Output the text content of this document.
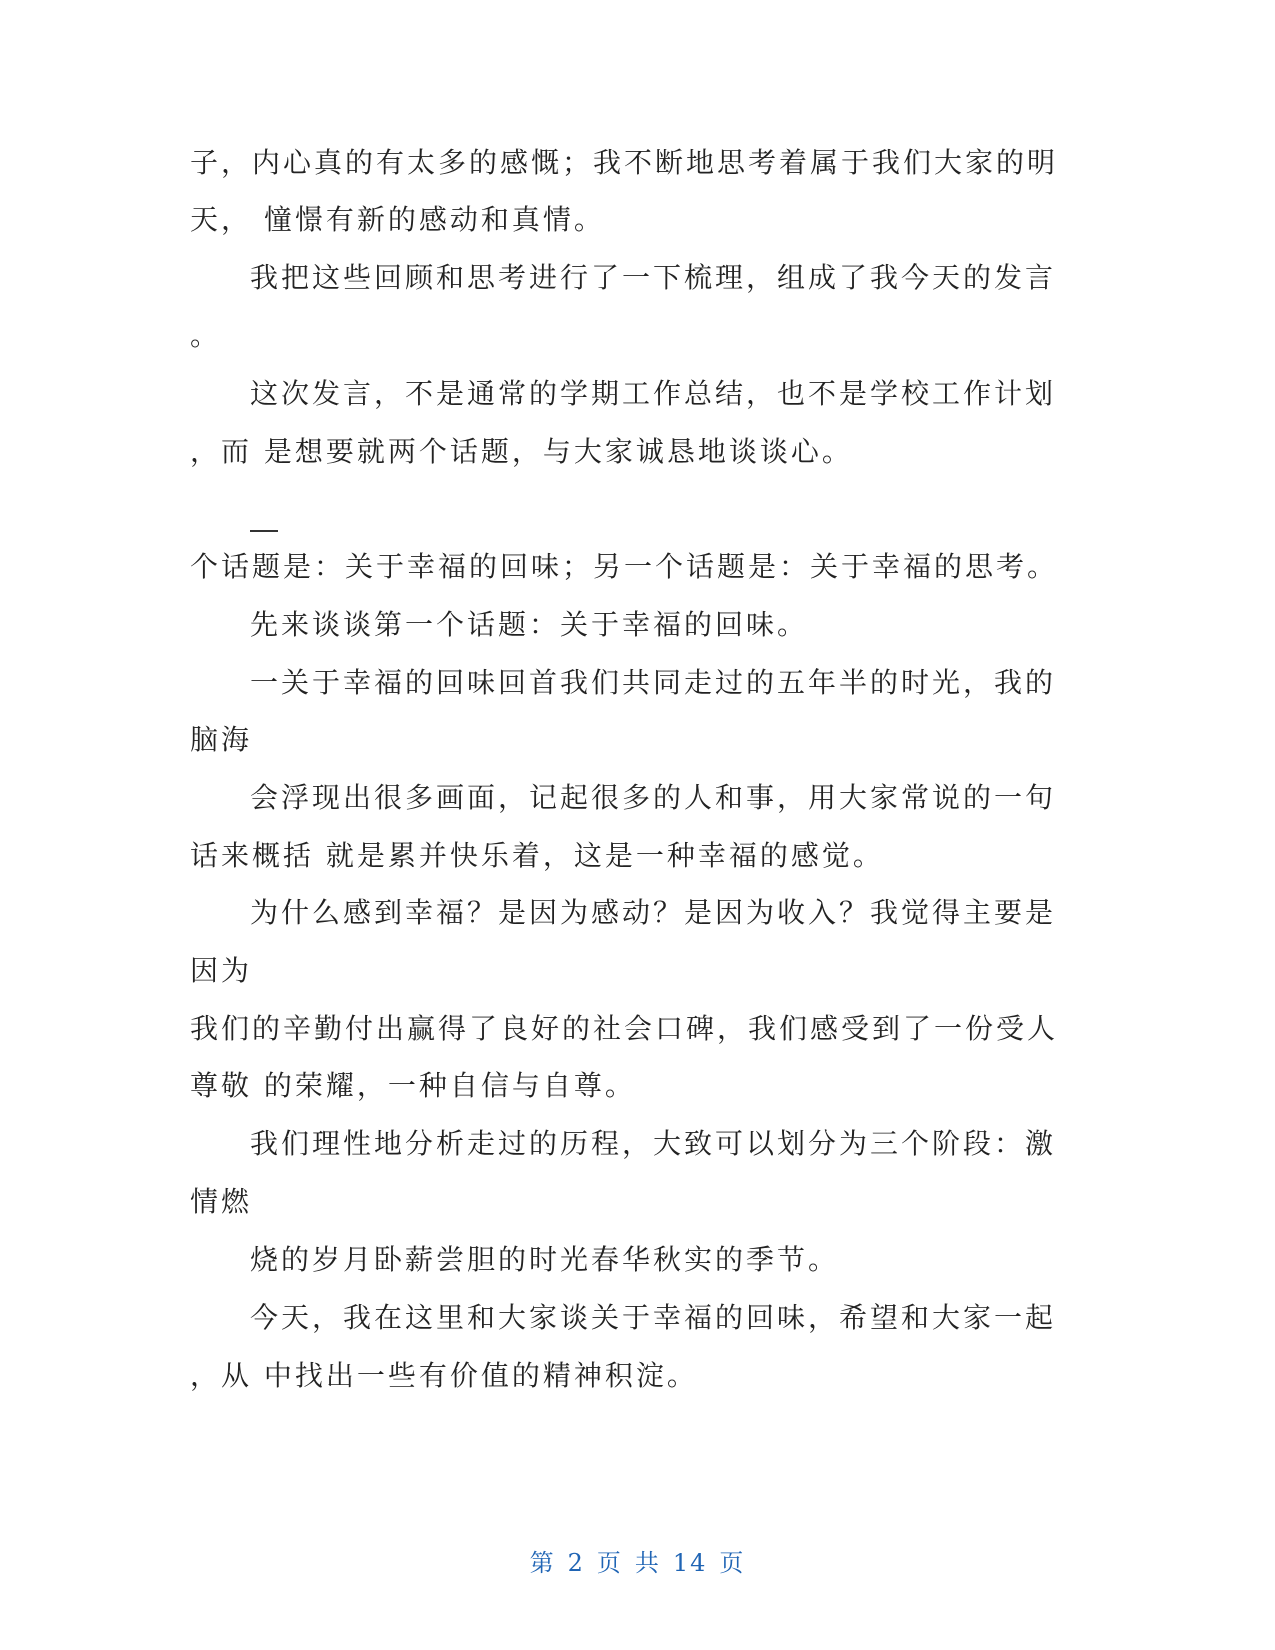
子，内心真的有太多的感慨；我不断地思考着属于我们大家的明
天， 憧憬有新的感动和真情。
我把这些回顾和思考进行了一下梳理，组成了我今天的发言
。
这次发言，不是通常的学期工作总结，也不是学校工作计划
，而 是想要就两个话题，与大家诚恳地谈谈心。
个话题是：关于幸福的回味；另一个话题是：关于幸福的思考。
先来谈谈第一个话题：关于幸福的回味。
一关于幸福的回味回首我们共同走过的五年半的时光，我的
脑海
会浮现出很多画面，记起很多的人和事，用大家常说的一句
话来概括 就是累并快乐着，这是一种幸福的感觉。
为什么感到幸福？是因为感动？是因为收入？我觉得主要是
因为
我们的辛勤付出赢得了良好的社会口碑，我们感受到了一份受人
尊敬 的荣耀，一种自信与自尊。
我们理性地分析走过的历程，大致可以划分为三个阶段：激
情燃
烧的岁月卧薪尝胆的时光春华秋实的季节。
今天，我在这里和大家谈关于幸福的回味，希望和大家一起
，从 中找出一些有价值的精神积淀。
第 2 页 共 14 页
